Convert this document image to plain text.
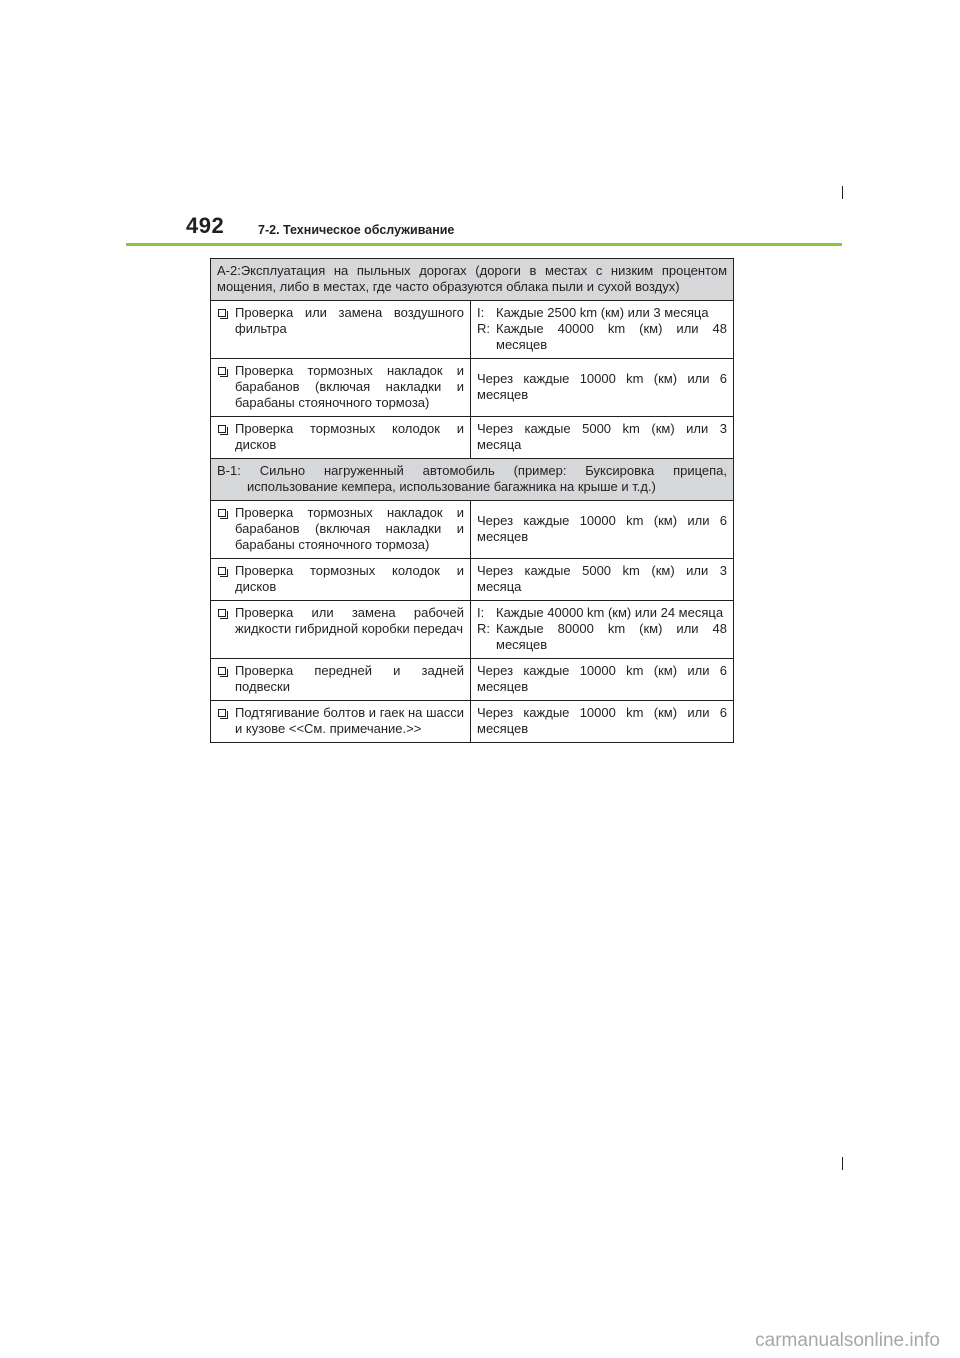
492	7-2. Техническое обслуживание
A-2:Эксплуатация на пыльных дорогах (дороги в местах с низким процентом мощения, либо в местах, где часто образуются облака пыли и сухой воздух)	

Проверка или замена воздушного фильтра	I: Каждые 2500 km (км) или 3 месяца
R: Каждые 40000 km (км) или 48 месяцев

Проверка тормозных накладок и барабанов (включая накладки и барабаны стояночного тормоза)	Через каждые 10000 km (км) или 6 месяцев

Проверка тормозных колодок и дисков	Через каждые 5000 km (км) или 3 месяца

B-1: Сильно нагруженный автомобиль (пример: Буксировка прицепа, использование кемпера, использование багажника на крыше и т.д.)	

Проверка тормозных накладок и барабанов (включая накладки и барабаны стояночного тормоза)	Через каждые 10000 km (км) или 6 месяцев

Проверка тормозных колодок и дисков	Через каждые 5000 km (км) или 3 месяца

Проверка или замена рабочей жидкости гибридной коробки передач	I: Каждые 40000 km (км) или 24 месяца
R: Каждые 80000 km (км) или 48 месяцев

Проверка передней и задней подвески	Через каждые 10000 km (км) или 6 месяцев

Подтягивание болтов и гаек на шасси и кузове <<См. примечание.>>	Через каждые 10000 km (км) или 6 месяцев
carmanualsonline.info
